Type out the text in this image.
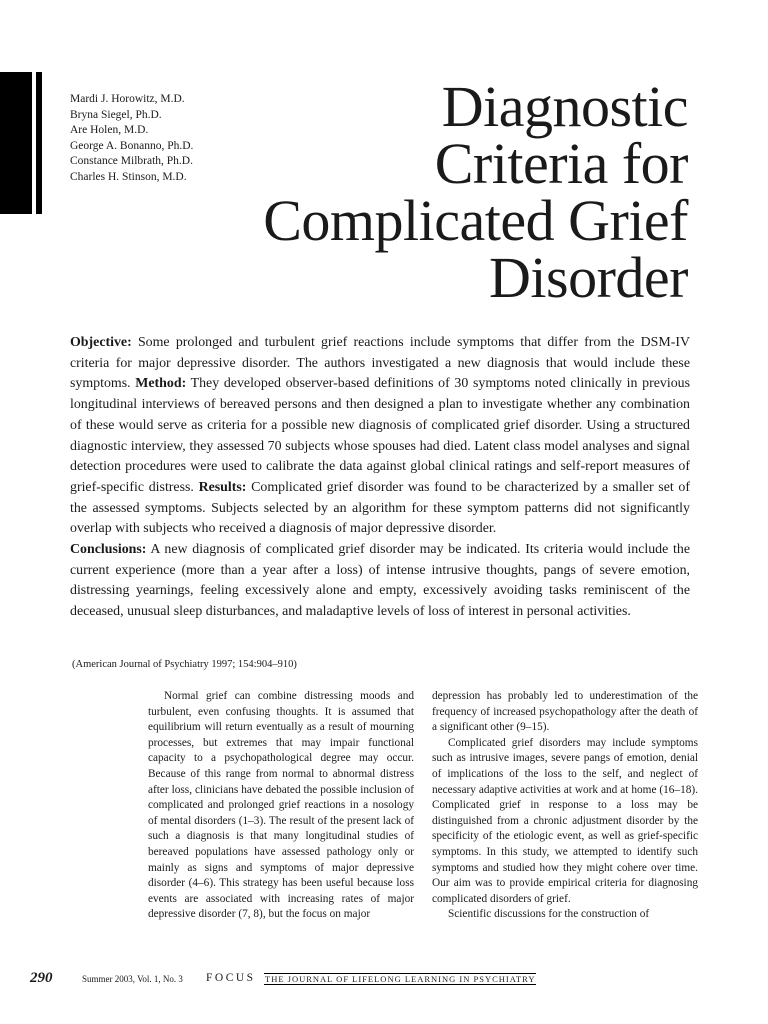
Mardi J. Horowitz, M.D.
Bryna Siegel, Ph.D.
Are Holen, M.D.
George A. Bonanno, Ph.D.
Constance Milbrath, Ph.D.
Charles H. Stinson, M.D.
Diagnostic
Criteria for
Complicated Grief
Disorder

Objective: Some prolonged and turbulent grief reactions include symptoms that differ from the DSM-IV criteria for major depressive disorder. The authors investigated a new diagnosis that would include these symptoms. Method: They developed observer-based definitions of 30 symptoms noted clinically in previous longitudinal interviews of bereaved persons and then designed a plan to investigate whether any combination of these would serve as criteria for a possible new diagnosis of complicated grief disorder. Using a structured diagnostic interview, they assessed 70 subjects whose spouses had died. Latent class model analyses and signal detection procedures were used to calibrate the data against global clinical ratings and self-report measures of grief-specific distress. Results: Complicated grief disorder was found to be characterized by a smaller set of the assessed symptoms. Subjects selected by an algorithm for these symptom patterns did not significantly overlap with subjects who received a diagnosis of major depressive disorder.

Conclusions: A new diagnosis of complicated grief disorder may be indicated. Its criteria would include the current experience (more than a year after a loss) of intense intrusive thoughts, pangs of severe emotion, distressing yearnings, feeling excessively alone and empty, excessively avoiding tasks reminiscent of the deceased, unusual sleep disturbances, and maladaptive levels of loss of interest in personal activities.

(American Journal of Psychiatry 1997; 154:904–910)

Normal grief can combine distressing moods and turbulent, even confusing thoughts. It is assumed that equilibrium will return eventually as a result of mourning processes, but extremes that may impair functional capacity to a psychopathological degree may occur. Because of this range from normal to abnormal distress after loss, clinicians have debated the possible inclusion of complicated and prolonged grief reactions in a nosology of mental disorders (1–3). The result of the present lack of such a diagnosis is that many longitudinal studies of bereaved populations have assessed pathology only or mainly as signs and symptoms of major depressive disorder (4–6). This strategy has been useful because loss events are associated with increasing rates of major depressive disorder (7, 8), but the focus on major

depression has probably led to underestimation of the frequency of increased psychopathology after the death of a significant other (9–15).

Complicated grief disorders may include symptoms such as intrusive images, severe pangs of emotion, denial of implications of the loss to the self, and neglect of necessary adaptive activities at work and at home (16–18). Complicated grief in response to a loss may be distinguished from a chronic adjustment disorder by the specificity of the etiologic event, as well as grief-specific symptoms. In this study, we attempted to identify such symptoms and studied how they might cohere over time. Our aim was to provide empirical criteria for diagnosing complicated disorders of grief.

Scientific discussions for the construction of

290	Summer 2003, Vol. 1, No. 3 FOCUS THE JOURNAL OF LIFELONG LEARNING IN PSYCHIATRY
